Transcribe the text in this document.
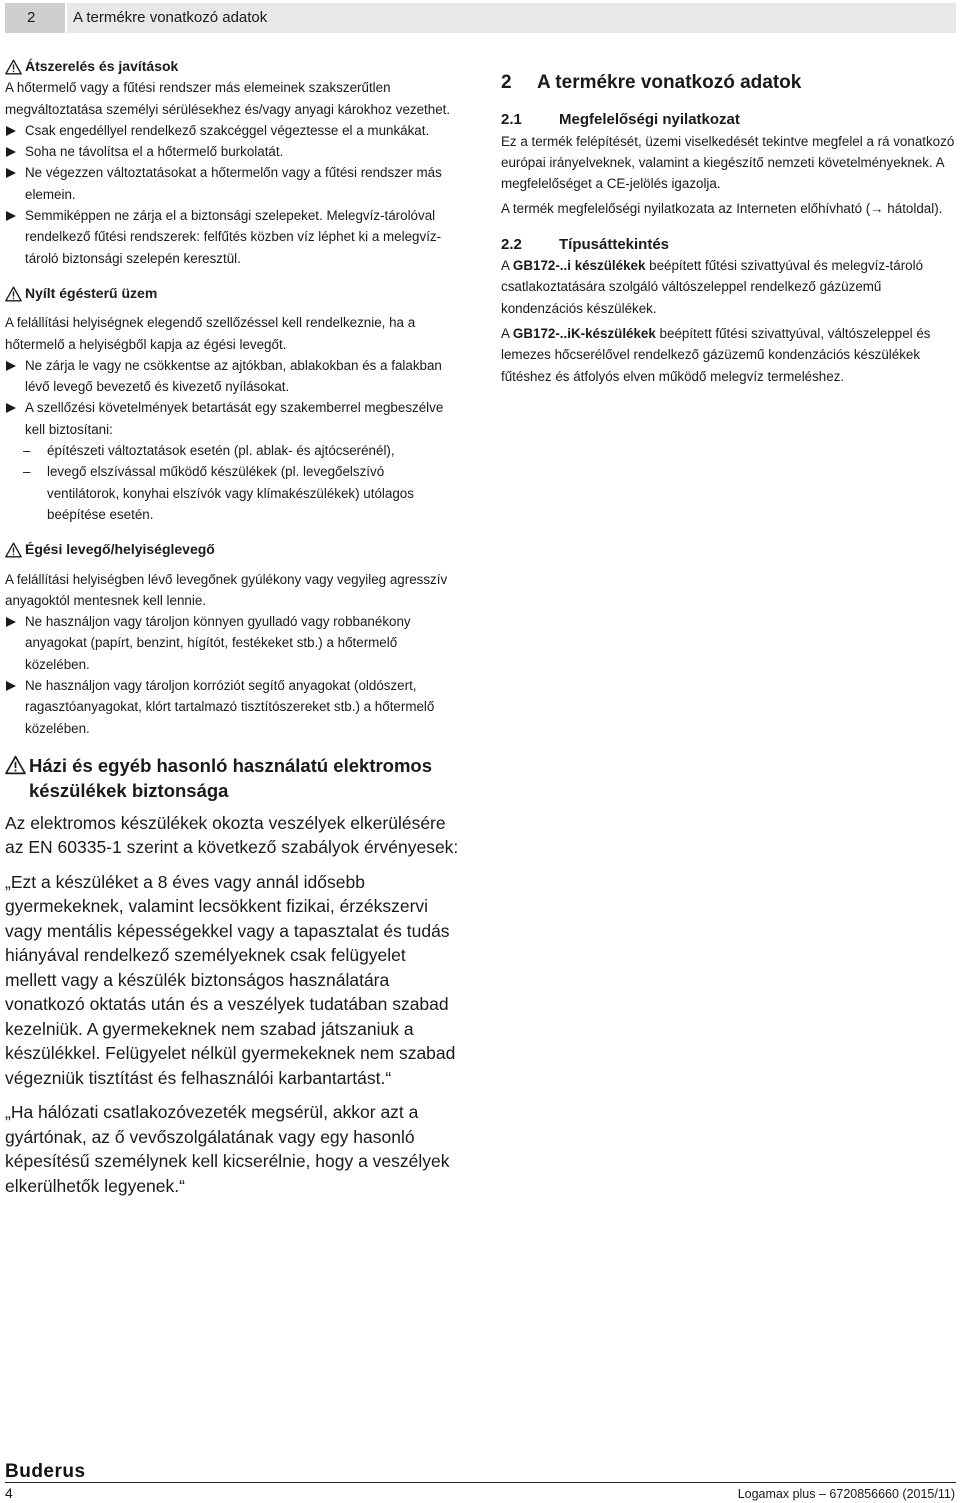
2	A termékre vonatkozó adatok
Átszerelés és javítások

A hőtermelő vagy a fűtési rendszer más elemeinek szakszerűtlen megváltoztatása személyi sérülésekhez és/vagy anyagi károkhoz vezethet.

Csak engedéllyel rendelkező szakcéggel végeztesse el a munkákat.
Soha ne távolítsa el a hőtermelő burkolatát.
Ne végezzen változtatásokat a hőtermelőn vagy a fűtési rendszer más elemein.
Semmiképpen ne zárja el a biztonsági szelepeket. Melegvíz-tárolóval rendelkező fűtési rendszerek: felfűtés közben víz léphet ki a melegvíz-tároló biztonsági szelepén keresztül.
Nyílt égésterű üzem

A felállítási helyiségnek elegendő szellőzéssel kell rendelkeznie, ha a hőtermelő a helyiségből kapja az égési levegőt.

Ne zárja le vagy ne csökkentse az ajtókban, ablakokban és a falakban lévő levegő bevezető és kivezető nyílásokat.
A szellőzési követelmények betartását egy szakemberrel megbeszélve kell biztosítani:
– építészeti változtatások esetén (pl. ablak- és ajtócserénél),
– levegő elszívással működő készülékek (pl. levegőelszívó ventilátorok, konyhai elszívók vagy klímakészülékek) utólagos beépítése esetén.
Égési levegő/helyiséglevegő

A felállítási helyiségben lévő levegőnek gyúlékony vagy vegyileg agresszív anyagoktól mentesnek kell lennie.

Ne használjon vagy tároljon könnyen gyulladó vagy robbanékony anyagokat (papírt, benzint, hígítót, festékeket stb.) a hőtermelő közelében.
Ne használjon vagy tároljon korróziót segítő anyagokat (oldószert, ragasztóanyagokat, klórt tartalmazó tisztítószereket stb.) a hőtermelő közelében.
Házi és egyéb hasonló használatú elektromos készülékek biztonsága

Az elektromos készülékek okozta veszélyek elkerülésére az EN 60335-1 szerint a következő szabályok érvényesek:

„Ezt a készüléket a 8 éves vagy annál idősebb gyermekeknek, valamint lecsökkent fizikai, érzékszervi vagy mentális képességekkel vagy a tapasztalat és tudás hiányával rendelkező személyeknek csak felügyelet mellett vagy a készülék biztonságos használatára vonatkozó oktatás után és a veszélyek tudatában szabad kezelniük. A gyermekeknek nem szabad játszaniuk a készülékkel. Felügyelet nélkül gyermekeknek nem szabad végezniük tisztítást és felhasználói karbantartást.“

„Ha hálózati csatlakozóvezeték megsérül, akkor azt a gyártónak, az ő vevőszolgálatának vagy egy hasonló képesítésű személynek kell kicserélnie, hogy a veszélyek elkerülhetők legyenek.“

2	A termékre vonatkozó adatok
2.1	Megfelelőségi nyilatkozat

Ez a termék felépítését, üzemi viselkedését tekintve megfelel a rá vonatkozó európai irányelveknek, valamint a kiegészítő nemzeti követelményeknek. A megfelelőséget a CE-jelölés igazolja.

A termék megfelelőségi nyilatkozata az Interneten előhívható (→ hátoldal).

2.2	Típusáttekintés

A GB172-..i készülékek beépített fűtési szivattyúval és melegvíz-tároló csatlakoztatására szolgáló váltószeleppel rendelkező gázüzemű kondenzációs készülékek.

A GB172-..iK-készülékek beépített fűtési szivattyúval, váltószeleppel és lemezes hőcserélővel rendelkező gázüzemű kondenzációs készülékek fűtéshez és átfolyós elven működő melegvíz termeléshez.

Buderus
4	Logamax plus – 6720856660 (2015/11)
